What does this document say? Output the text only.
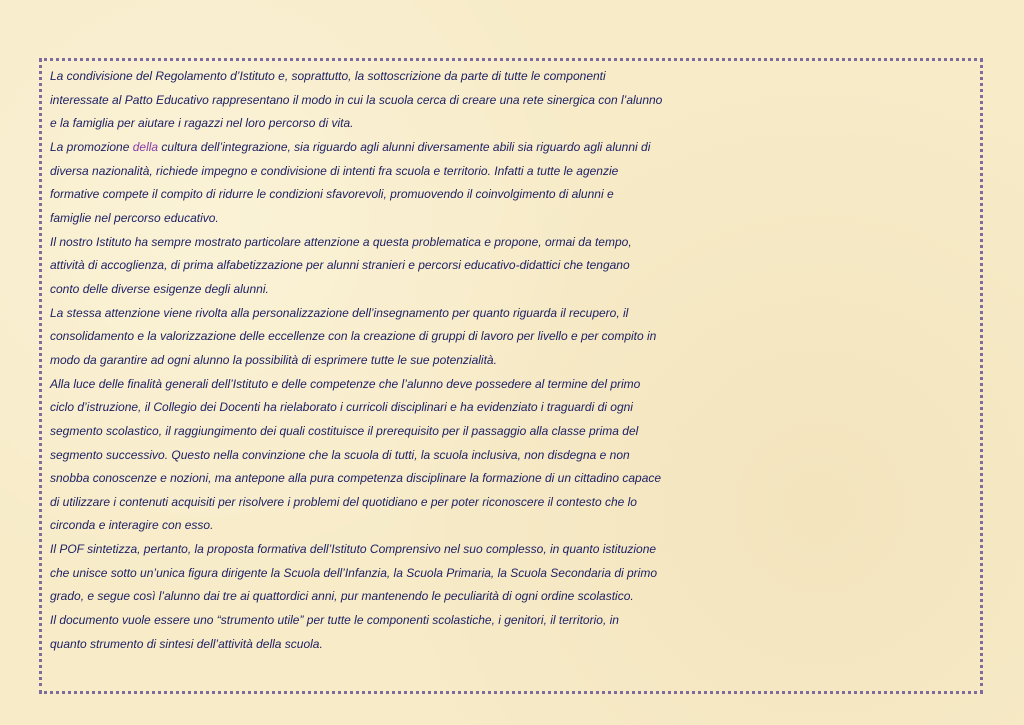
La condivisione del Regolamento d’Istituto e, soprattutto, la sottoscrizione da parte di tutte le componenti
interessate al Patto Educativo rappresentano il modo in cui la scuola cerca di creare una rete sinergica con l’alunno
e la famiglia per aiutare i ragazzi nel loro percorso di vita.
La promozione della cultura dell’integrazione, sia riguardo agli alunni diversamente abili sia riguardo agli alunni di
diversa nazionalità, richiede impegno e condivisione di intenti fra scuola e territorio. Infatti a tutte le agenzie
formative compete il compito di ridurre le condizioni sfavorevoli, promuovendo il coinvolgimento di alunni e
famiglie nel percorso educativo.
Il nostro Istituto ha sempre mostrato particolare attenzione a questa problematica e propone, ormai da tempo,
attività di accoglienza, di prima alfabetizzazione per alunni stranieri e percorsi educativo-didattici che tengano
conto delle diverse esigenze degli alunni.
La stessa attenzione viene rivolta alla personalizzazione dell’insegnamento per quanto riguarda il recupero, il
consolidamento e la valorizzazione delle eccellenze con la creazione di gruppi di lavoro per livello e per compito in
modo da garantire ad ogni alunno la possibilità di esprimere tutte le sue potenzialità.
Alla luce delle finalità generali dell’Istituto e delle competenze che l’alunno deve possedere al termine del primo
ciclo d’istruzione, il Collegio dei Docenti ha rielaborato i curricoli disciplinari e ha evidenziato i traguardi di ogni
segmento scolastico, il raggiungimento dei quali costituisce il prerequisito per il passaggio alla classe prima del
segmento successivo. Questo nella convinzione che la scuola di tutti, la scuola inclusiva, non disdegna e non
snobba conoscenze e nozioni, ma antepone alla pura competenza disciplinare la formazione di un cittadino capace
di utilizzare i contenuti acquisiti per risolvere i problemi del quotidiano e per poter riconoscere il contesto che lo
circonda e interagire con esso.
Il POF sintetizza, pertanto, la proposta formativa dell’Istituto Comprensivo nel suo complesso, in quanto istituzione
che unisce sotto un’unica figura dirigente la Scuola dell’Infanzia, la Scuola Primaria, la Scuola Secondaria di primo
grado, e segue così l’alunno dai tre ai quattordici anni, pur mantenendo le peculiarità di ogni ordine scolastico.
Il documento vuole essere uno “strumento utile” per tutte le componenti scolastiche, i genitori, il territorio, in
quanto strumento di sintesi dell’attività della scuola.
